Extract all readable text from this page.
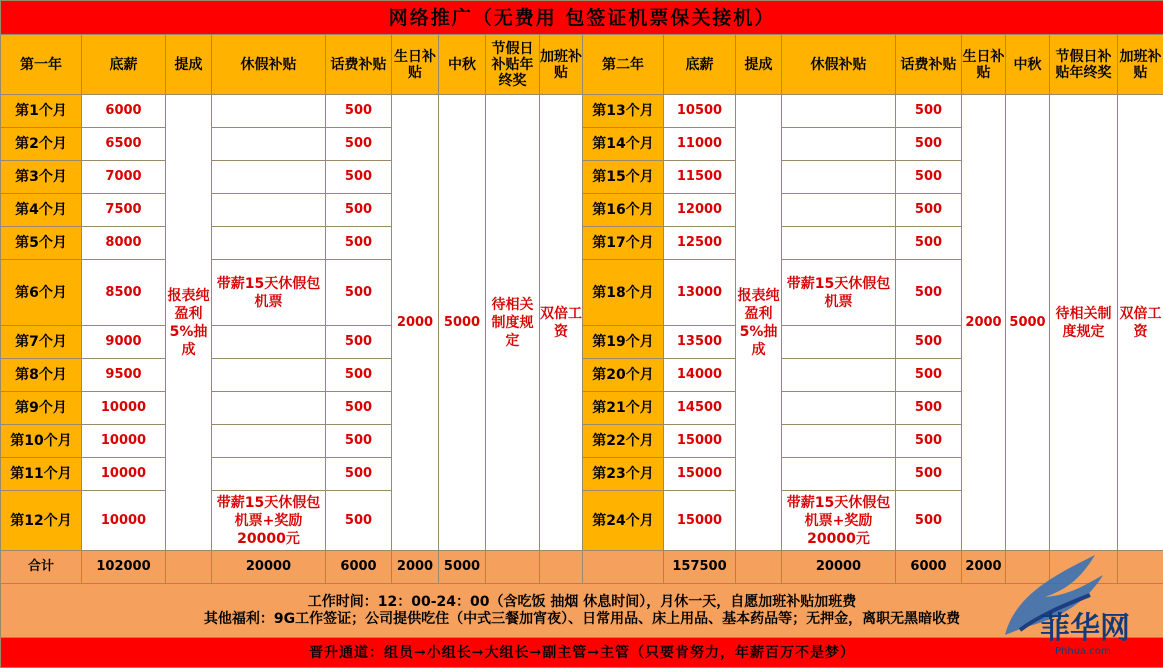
网络推广（无费用 包签证机票保关接机）																	
第一年	底薪	提成	休假补贴	话费补贴	生日补贴	中秋	节假日补贴年终奖	加班补贴	第二年	底薪	提成	休假补贴	话费补贴	生日补贴	中秋	节假日补贴年终奖	加班补贴
第1个月	6000	报表纯盈利5%抽成		500	2000	5000	待相关制度规定	双倍工资	第13个月	10500	报表纯盈利5%抽成		500	2000	5000	待相关制度规定	双倍工资
第2个月	6500			500					第14个月	11000			500				
第3个月	7000			500					第15个月	11500			500				
第4个月	7500			500					第16个月	12000			500				
第5个月	8000			500					第17个月	12500			500				
第6个月	8500		带薪15天休假包机票	500					第18个月	13000		带薪15天休假包机票	500				
第7个月	9000			500					第19个月	13500			500				
第8个月	9500			500					第20个月	14000			500				
第9个月	10000			500					第21个月	14500			500				
第10个月	10000			500					第22个月	15000			500				
第11个月	10000			500					第23个月	15000			500				
第12个月	10000		带薪15天休假包机票+奖励20000元	500					第24个月	15000		带薪15天休假包机票+奖励20000元	500				
合计	102000		20000	6000	2000	5000				157500		20000	6000	2000			

工作时间：12：00-24：00（含吃饭 抽烟 休息时间），月休一天，自愿加班补贴加班费
其他福利：9G工作签证；公司提供吃住（中式三餐加宵夜）、日常用品、床上用品、基本药品等；无押金，离职无黑暗收费																	

晋升通道：组员→小组长→大组长→副主管→主管（只要肯努力，年薪百万不是梦）																	
菲华网
Phhua.com
